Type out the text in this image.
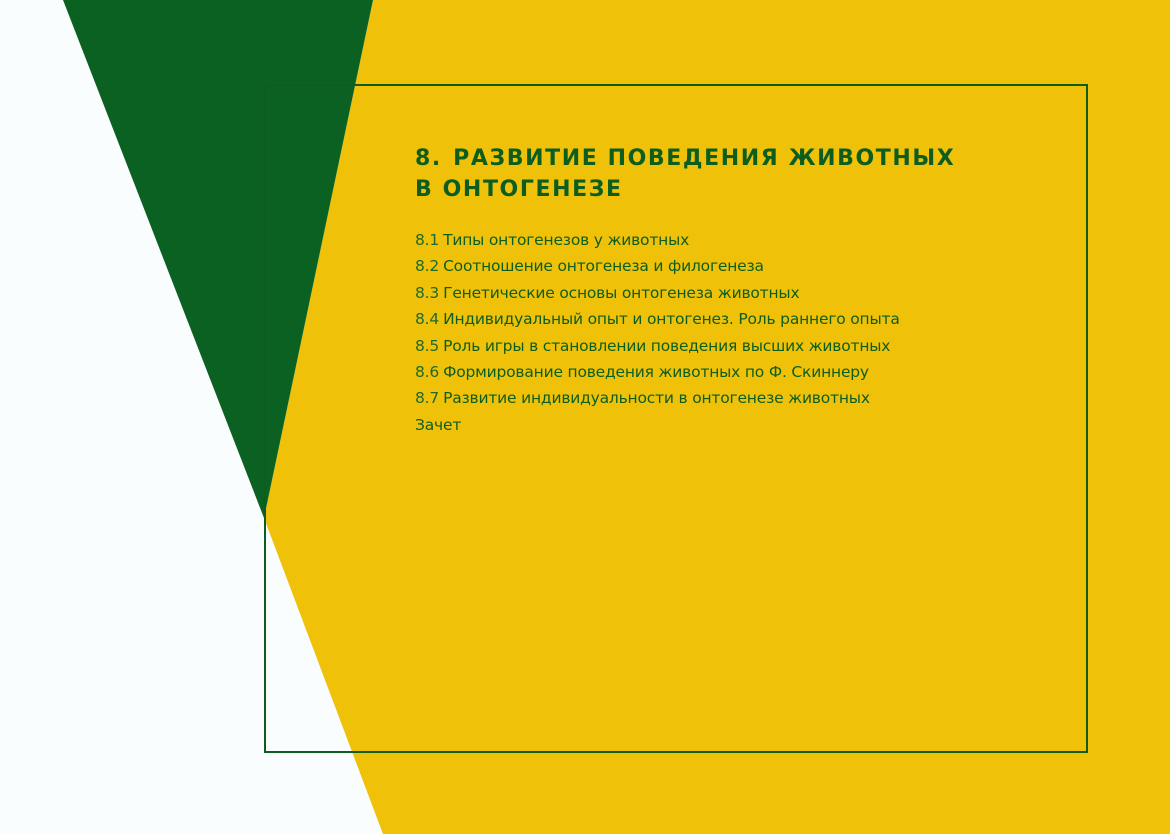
8. РАЗВИТИЕ ПОВЕДЕНИЯ ЖИВОТНЫХ В ОНТОГЕНЕЗЕ
8.1 Типы онтогенезов у животных
8.2 Соотношение онтогенеза и филогенеза
8.3 Генетические основы онтогенеза животных
8.4 Индивидуальный опыт и онтогенез. Роль раннего опыта
8.5 Роль игры в становлении поведения высших животных
8.6 Формирование поведения животных по Ф. Скиннеру
8.7 Развитие индивидуальности в онтогенезе животных
Зачет
